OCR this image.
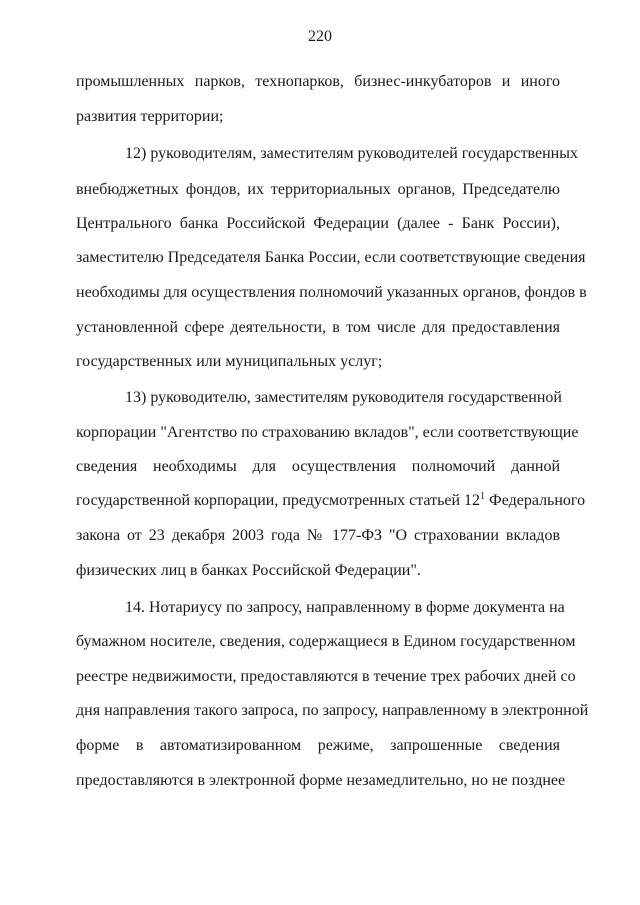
220
промышленных парков, технопарков, бизнес-инкубаторов и иного
развития территории;
12) руководителям, заместителям руководителей государственных
внебюджетных фондов, их территориальных органов, Председателю
Центрального банка Российской Федерации (далее - Банк России),
заместителю Председателя Банка России, если соответствующие сведения
необходимы для осуществления полномочий указанных органов, фондов в
установленной сфере деятельности, в том числе для предоставления
государственных или муниципальных услуг;
13) руководителю, заместителям руководителя государственной
корпорации "Агентство по страхованию вкладов", если соответствующие
сведения необходимы для осуществления полномочий данной
государственной корпорации, предусмотренных статьей $12^1$ Федерального
закона от 23 декабря 2003 года № 177-ФЗ "О страховании вкладов
физических лиц в банках Российской Федерации".
14. Нотариусу по запросу, направленному в форме документа на
бумажном носителе, сведения, содержащиеся в Едином государственном
реестре недвижимости, предоставляются в течение трех рабочих дней со
дня направления такого запроса, по запросу, направленному в электронной
форме в автоматизированном режиме, запрошенные сведения
предоставляются в электронной форме незамедлительно, но не позднее
